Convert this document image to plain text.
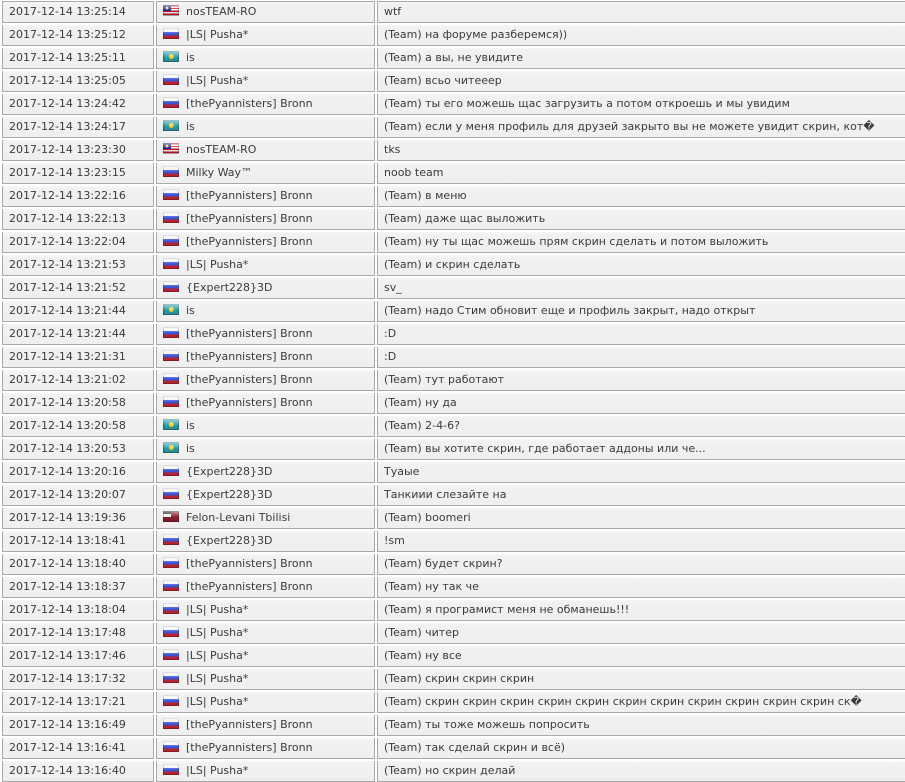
2017-12-14 13:25:14	nosTEAM-RO	wtf
2017-12-14 13:25:12	|LS| Pusha*	(Team) на форуме разберемся))
2017-12-14 13:25:11	is	(Team) а вы, не увидите
2017-12-14 13:25:05	|LS| Pusha*	(Team) всьо читееер
2017-12-14 13:24:42	[thePyannisters] Bronn	(Team) ты его можешь щас загрузить а потом откроешь и мы увидим
2017-12-14 13:24:17	is	(Team) если у меня профиль для друзей закрыто вы не можете увидит скрин, кот�
2017-12-14 13:23:30	nosTEAM-RO	tks
2017-12-14 13:23:15	Milky Way™	noob team
2017-12-14 13:22:16	[thePyannisters] Bronn	(Team) в меню
2017-12-14 13:22:13	[thePyannisters] Bronn	(Team) даже щас выложить
2017-12-14 13:22:04	[thePyannisters] Bronn	(Team) ну ты щас можешь прям скрин сделать и потом выложить
2017-12-14 13:21:53	|LS| Pusha*	(Team) и скрин сделать
2017-12-14 13:21:52	{Expert228}3D	sv_
2017-12-14 13:21:44	is	(Team) надо Стим обновит еще и профиль закрыт, надо открыт
2017-12-14 13:21:44	[thePyannisters] Bronn	:D
2017-12-14 13:21:31	[thePyannisters] Bronn	:D
2017-12-14 13:21:02	[thePyannisters] Bronn	(Team) тут работают
2017-12-14 13:20:58	[thePyannisters] Bronn	(Team) ну да
2017-12-14 13:20:58	is	(Team) 2-4-6?
2017-12-14 13:20:53	is	(Team) вы хотите скрин, где работает аддоны или че...
2017-12-14 13:20:16	{Expert228}3D	Туаые
2017-12-14 13:20:07	{Expert228}3D	Танкиии слезайте на
2017-12-14 13:19:36	Felon-Levani Tbilisi	(Team) boomeri
2017-12-14 13:18:41	{Expert228}3D	!sm
2017-12-14 13:18:40	[thePyannisters] Bronn	(Team) будет скрин?
2017-12-14 13:18:37	[thePyannisters] Bronn	(Team) ну так че
2017-12-14 13:18:04	|LS| Pusha*	(Team) я програмист меня не обманешь!!!
2017-12-14 13:17:48	|LS| Pusha*	(Team) читер
2017-12-14 13:17:46	|LS| Pusha*	(Team) ну все
2017-12-14 13:17:32	|LS| Pusha*	(Team) скрин скрин скрин
2017-12-14 13:17:21	|LS| Pusha*	(Team) скрин скрин скрин скрин скрин скрин скрин скрин скрин скрин скрин ск�
2017-12-14 13:16:49	[thePyannisters] Bronn	(Team) ты тоже можешь попросить
2017-12-14 13:16:41	[thePyannisters] Bronn	(Team) так сделай скрин и всё)
2017-12-14 13:16:40	|LS| Pusha*	(Team) но скрин делай
